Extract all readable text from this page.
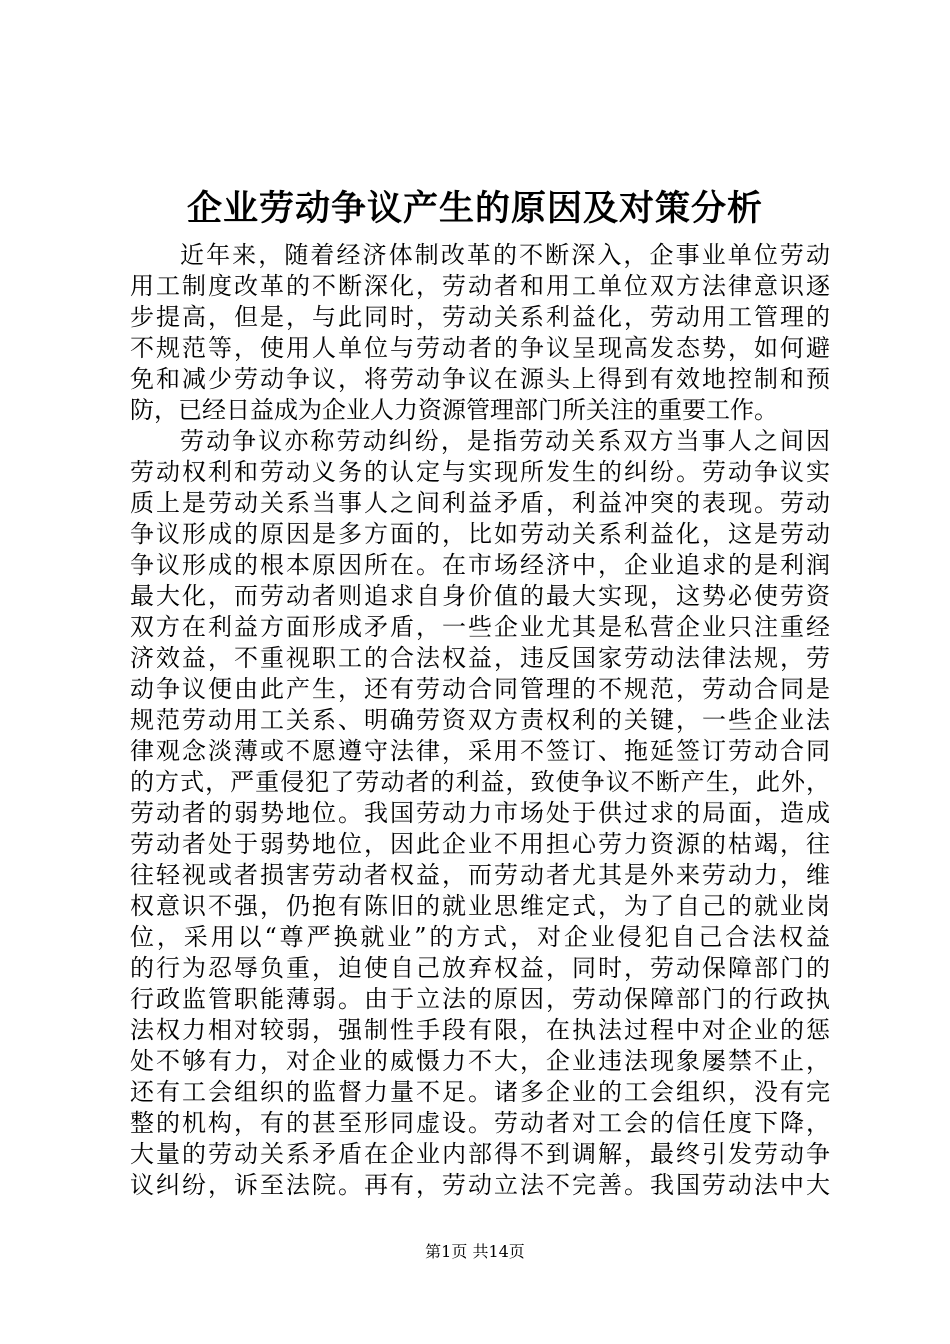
企业劳动争议产生的原因及对策分析
近年来，随着经济体制改革的不断深入，企事业单位劳动
用工制度改革的不断深化，劳动者和用工单位双方法律意识逐
步提高，但是，与此同时，劳动关系利益化，劳动用工管理的
不规范等，使用人单位与劳动者的争议呈现高发态势，如何避
免和减少劳动争议，将劳动争议在源头上得到有效地控制和预
防，已经日益成为企业人力资源管理部门所关注的重要工作。
劳动争议亦称劳动纠纷，是指劳动关系双方当事人之间因
劳动权利和劳动义务的认定与实现所发生的纠纷。劳动争议实
质上是劳动关系当事人之间利益矛盾，利益冲突的表现。劳动
争议形成的原因是多方面的，比如劳动关系利益化，这是劳动
争议形成的根本原因所在。在市场经济中，企业追求的是利润
最大化，而劳动者则追求自身价值的最大实现，这势必使劳资
双方在利益方面形成矛盾，一些企业尤其是私营企业只注重经
济效益，不重视职工的合法权益，违反国家劳动法律法规，劳
动争议便由此产生，还有劳动合同管理的不规范，劳动合同是
规范劳动用工关系、明确劳资双方责权利的关键，一些企业法
律观念淡薄或不愿遵守法律，采用不签订、拖延签订劳动合同
的方式，严重侵犯了劳动者的利益，致使争议不断产生，此外，
劳动者的弱势地位。我国劳动力市场处于供过求的局面，造成
劳动者处于弱势地位，因此企业不用担心劳力资源的枯竭，往
往轻视或者损害劳动者权益，而劳动者尤其是外来劳动力，维
权意识不强，仍抱有陈旧的就业思维定式，为了自己的就业岗
位，采用以“尊严换就业”的方式，对企业侵犯自己合法权益
的行为忍辱负重，迫使自己放弃权益，同时，劳动保障部门的
行政监管职能薄弱。由于立法的原因，劳动保障部门的行政执
法权力相对较弱，强制性手段有限，在执法过程中对企业的惩
处不够有力，对企业的威慑力不大，企业违法现象屡禁不止，
还有工会组织的监督力量不足。诸多企业的工会组织，没有完
整的机构，有的甚至形同虚设。劳动者对工会的信任度下降，
大量的劳动关系矛盾在企业内部得不到调解，最终引发劳动争
议纠纷，诉至法院。再有，劳动立法不完善。我国劳动法中大
第1页 共14页
